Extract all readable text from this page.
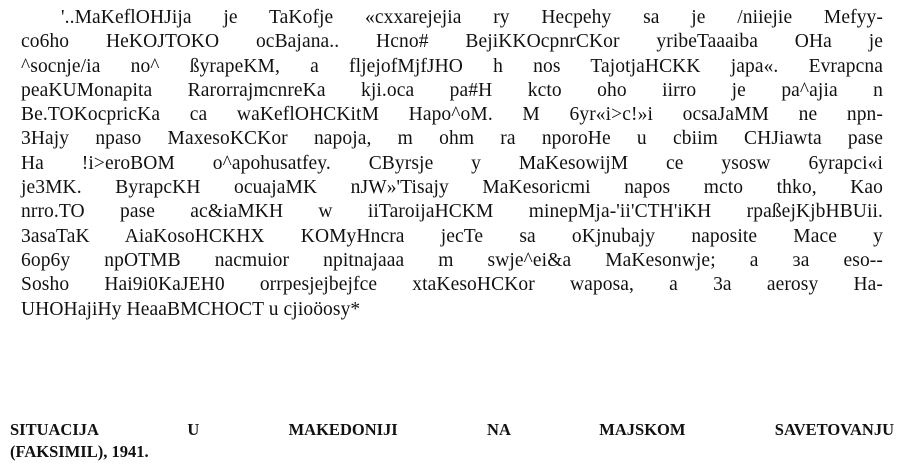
'..MaKeflOHJija je TaKofje «cxxarejejia ry Hecpehy sa je /niiejie Mefyy-
co6ho HeKOJTOKO ocBajana.. Hcno# BejiKKOcpnrCKor yribeTaaaiba OHa je
^socnje/ia no^ ßyrapeKM, a fljejofMjfJHO h nos TajotjaHCKK japa«. Evrapcna
peaKUMonapita RarorrajmcnreKa kji.oca pa#H kcto oho iirro je pa^ajia n
Be.TOKocpricKa ca waKeflOHCKitM Hapo^oM. M 6yr«i>c!»i ocsaJaMM ne npn-
3Hajy npaso MaxesoKCKor napoja, m ohm ra nporoHe u cbiim CHJiawta pase
Ha !i>eroBOM o^apohusatfey. CByrsje y MaKesowijM ce ysosw 6yrapci«i
je3MK. ByrapcKH ocuajaMK nJW»'Tisajy MaKesoricmi napos mcto thko, Kao
nrro.TO pase ac&iaMKH w iiTaroijaHCKM minepMja-'ii'CTH'iKH rpaßejKjbHBUii.
3asaTaK AiaKosoHCKHX KOMyHncra jecTe sa oKjnubajy naposite Mace y
6op6y npOTMB nacmuior npitnajaaa m swje^ei&a MaKesonwje; a ɜa eso--
Sosho Hai9i0KaJEH0 orrpesjejbejfce xtaKesoHCKor waposa, a 3a aerosy Ha-
UHOHajiHy HeaaBMCHOCT u cjioöosy*
SITUACIJA U MAKEDONIJI NA MAJSKOM SAVETOVANJU
(FAKSIMIL), 1941.
